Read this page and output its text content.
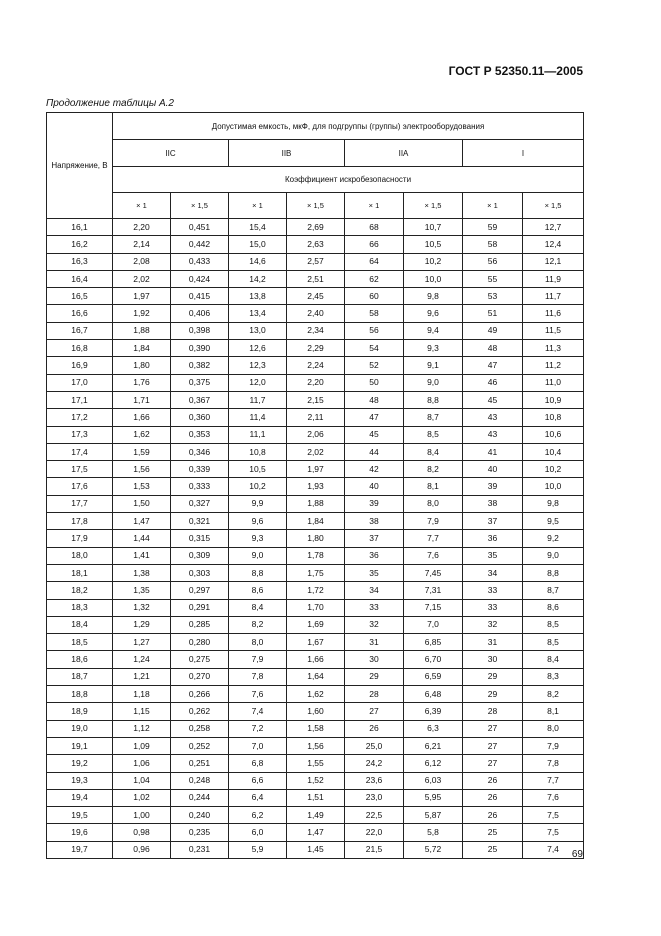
ГОСТ Р 52350.11—2005
Продолжение таблицы А.2
Напряжение, В	Допустимая емкость, мкФ, для подгруппы (группы) электрооборудования							
	IIC		IIB		IIA		I	
	Коэффициент искробезопасности							
	× 1	× 1,5	× 1	× 1,5	× 1	× 1,5	× 1	× 1,5
16,1	2,20	0,451	15,4	2,69	68	10,7	59	12,7
16,2	2,14	0,442	15,0	2,63	66	10,5	58	12,4
16,3	2,08	0,433	14,6	2,57	64	10,2	56	12,1
16,4	2,02	0,424	14,2	2,51	62	10,0	55	11,9
16,5	1,97	0,415	13,8	2,45	60	9,8	53	11,7
16,6	1,92	0,406	13,4	2,40	58	9,6	51	11,6
16,7	1,88	0,398	13,0	2,34	56	9,4	49	11,5
16,8	1,84	0,390	12,6	2,29	54	9,3	48	11,3
16,9	1,80	0,382	12,3	2,24	52	9,1	47	11,2
17,0	1,76	0,375	12,0	2,20	50	9,0	46	11,0
17,1	1,71	0,367	11,7	2,15	48	8,8	45	10,9
17,2	1,66	0,360	11,4	2,11	47	8,7	43	10,8
17,3	1,62	0,353	11,1	2,06	45	8,5	43	10,6
17,4	1,59	0,346	10,8	2,02	44	8,4	41	10,4
17,5	1,56	0,339	10,5	1,97	42	8,2	40	10,2
17,6	1,53	0,333	10,2	1,93	40	8,1	39	10,0
17,7	1,50	0,327	9,9	1,88	39	8,0	38	9,8
17,8	1,47	0,321	9,6	1,84	38	7,9	37	9,5
17,9	1,44	0,315	9,3	1,80	37	7,7	36	9,2
18,0	1,41	0,309	9,0	1,78	36	7,6	35	9,0
18,1	1,38	0,303	8,8	1,75	35	7,45	34	8,8
18,2	1,35	0,297	8,6	1,72	34	7,31	33	8,7
18,3	1,32	0,291	8,4	1,70	33	7,15	33	8,6
18,4	1,29	0,285	8,2	1,69	32	7,0	32	8,5
18,5	1,27	0,280	8,0	1,67	31	6,85	31	8,5
18,6	1,24	0,275	7,9	1,66	30	6,70	30	8,4
18,7	1,21	0,270	7,8	1,64	29	6,59	29	8,3
18,8	1,18	0,266	7,6	1,62	28	6,48	29	8,2
18,9	1,15	0,262	7,4	1,60	27	6,39	28	8,1
19,0	1,12	0,258	7,2	1,58	26	6,3	27	8,0
19,1	1,09	0,252	7,0	1,56	25,0	6,21	27	7,9
19,2	1,06	0,251	6,8	1,55	24,2	6,12	27	7,8
19,3	1,04	0,248	6,6	1,52	23,6	6,03	26	7,7
19,4	1,02	0,244	6,4	1,51	23,0	5,95	26	7,6
19,5	1,00	0,240	6,2	1,49	22,5	5,87	26	7,5
19,6	0,98	0,235	6,0	1,47	22,0	5,8	25	7,5
19,7	0,96	0,231	5,9	1,45	21,5	5,72	25	7,4 69
